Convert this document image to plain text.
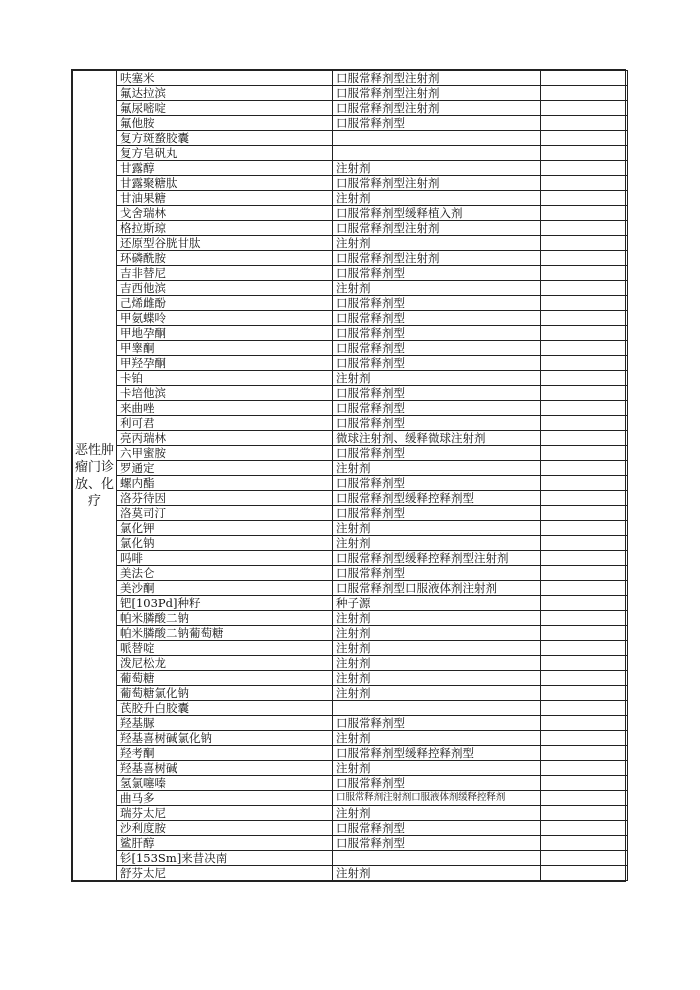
恶性肿瘤门诊放、化疗	呋塞米	口服常释剂型注射剂	
	氟达拉滨	口服常释剂型注射剂	
	氟尿嘧啶	口服常释剂型注射剂	
	氟他胺	口服常释剂型	
	复方斑蝥胶囊		
	复方皂矾丸		
	甘露醇	注射剂	
	甘露聚糖肽	口服常释剂型注射剂	
	甘油果糖	注射剂	
	戈舍瑞林	口服常释剂型缓释植入剂	
	格拉斯琼	口服常释剂型注射剂	
	还原型谷胱甘肽	注射剂	
	环磷酰胺	口服常释剂型注射剂	
	吉非替尼	口服常释剂型	
	吉西他滨	注射剂	
	己烯雌酚	口服常释剂型	
	甲氨蝶呤	口服常释剂型	
	甲地孕酮	口服常释剂型	
	甲睾酮	口服常释剂型	
	甲羟孕酮	口服常释剂型	
	卡铂	注射剂	
	卡培他滨	口服常释剂型	
	来曲唑	口服常释剂型	
	利可君	口服常释剂型	
	亮丙瑞林	微球注射剂、缓释微球注射剂	
	六甲蜜胺	口服常释剂型	
	罗通定	注射剂	
	螺内酯	口服常释剂型	
	洛芬待因	口服常释剂型缓释控释剂型	
	洛莫司汀	口服常释剂型	
	氯化钾	注射剂	
	氯化钠	注射剂	
	吗啡	口服常释剂型缓释控释剂型注射剂	
	美法仑	口服常释剂型	
	美沙酮	口服常释剂型口服液体剂注射剂	
	钯[103Pd]种籽	种子源	
	帕米膦酸二钠	注射剂	
	帕米膦酸二钠葡萄糖	注射剂	
	哌替啶	注射剂	
	泼尼松龙	注射剂	
	葡萄糖	注射剂	
	葡萄糖氯化钠	注射剂	
	芪胶升白胶囊		
	羟基脲	口服常释剂型	
	羟基喜树碱氯化钠	注射剂	
	羟考酮	口服常释剂型缓释控释剂型	
	羟基喜树碱	注射剂	
	氢氯噻嗪	口服常释剂型	
	曲马多	口服常释剂注射剂口服液体剂缓释控释剂	
	瑞芬太尼	注射剂	
	沙利度胺	口服常释剂型	
	鲨肝醇	口服常释剂型	
	钐[153Sm]来昔决南		
	舒芬太尼	注射剂	
